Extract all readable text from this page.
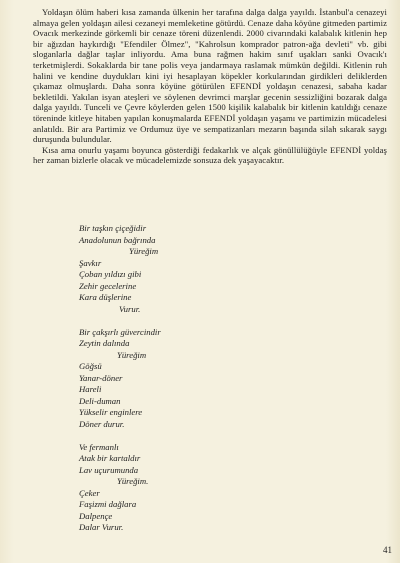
Yoldaşın ölüm haberi kısa zamanda ülkenin her tarafına dalga dalga yayıldı. İstanbul'a cenazeyi almaya gelen yoldaşın ailesi cezaneyi memleketine götürdü. Cenaze daha köyüne gitmeden partimiz Ovacık merkezinde görkemli bir cenaze töreni düzenlendi. 2000 civarındaki kalabalık kitlenin hep bir ağızdan haykırdığı "Efendiler Ölmez", "Kahrolsun komprador patron-ağa devleti" vb. gibi sloganlarla dağlar taşlar inliyordu. Ama buna rağmen hakim sınıf uşakları sanki Ovacık'ı terketmişlerdi. Sokaklarda bir tane polis veya jandarmaya raslamak mümkün değildi. Kitlenin ruh halini ve kendine duydukları kini iyi hesaplayan köpekler korkularından girdikleri deliklerden çıkamaz olmuşlardı. Daha sonra köyüne götürülen EFENDİ yoldaşın cenazesi, sabaha kadar bekletildi. Yakılan isyan ateşleri ve söylenen devrimci marşlar gecenin sessizliğini bozarak dalga dalga yayıldı. Tunceli ve Çevre köylerden gelen 1500 kişilik kalabalık bir kitlenin katıldığı cenaze töreninde kitleye hitaben yapılan konuşmalarda EFENDİ yoldaşın yaşamı ve partimizin mücadelesi anlatıldı. Bir ara Partimiz ve Ordumuz üye ve sempatizanları mezarın başında silah sıkarak saygı duruşunda bulundular.

Kısa ama onurlu yaşamı boyunca gösterdiği fedakarlık ve alçak gönüllülüğüyle EFENDİ yoldaş her zaman bizlerle olacak ve mücadelemizde sonsuza dek yaşayacaktır.

Bir taşkın çiçeğidir
Anadolunun bağrında
Yüreğim
Şavkır
Çoban yıldızı gibi
Zehir gecelerine
Kara düşlerine
Vurur.
Bir çakşırlı güvercindir
Zeytin dalında
Yüreğim
Göğsü
Yanar-döner
Hareli
Deli-duman
Yükselir enginlere
Döner durur.
Ve fermanlı
Atak bir kartaldır
Lav uçurumunda
Yüreğim.
Çeker
Faşizmi dağlara
Dalpençe
Dalar Vurur.
41
